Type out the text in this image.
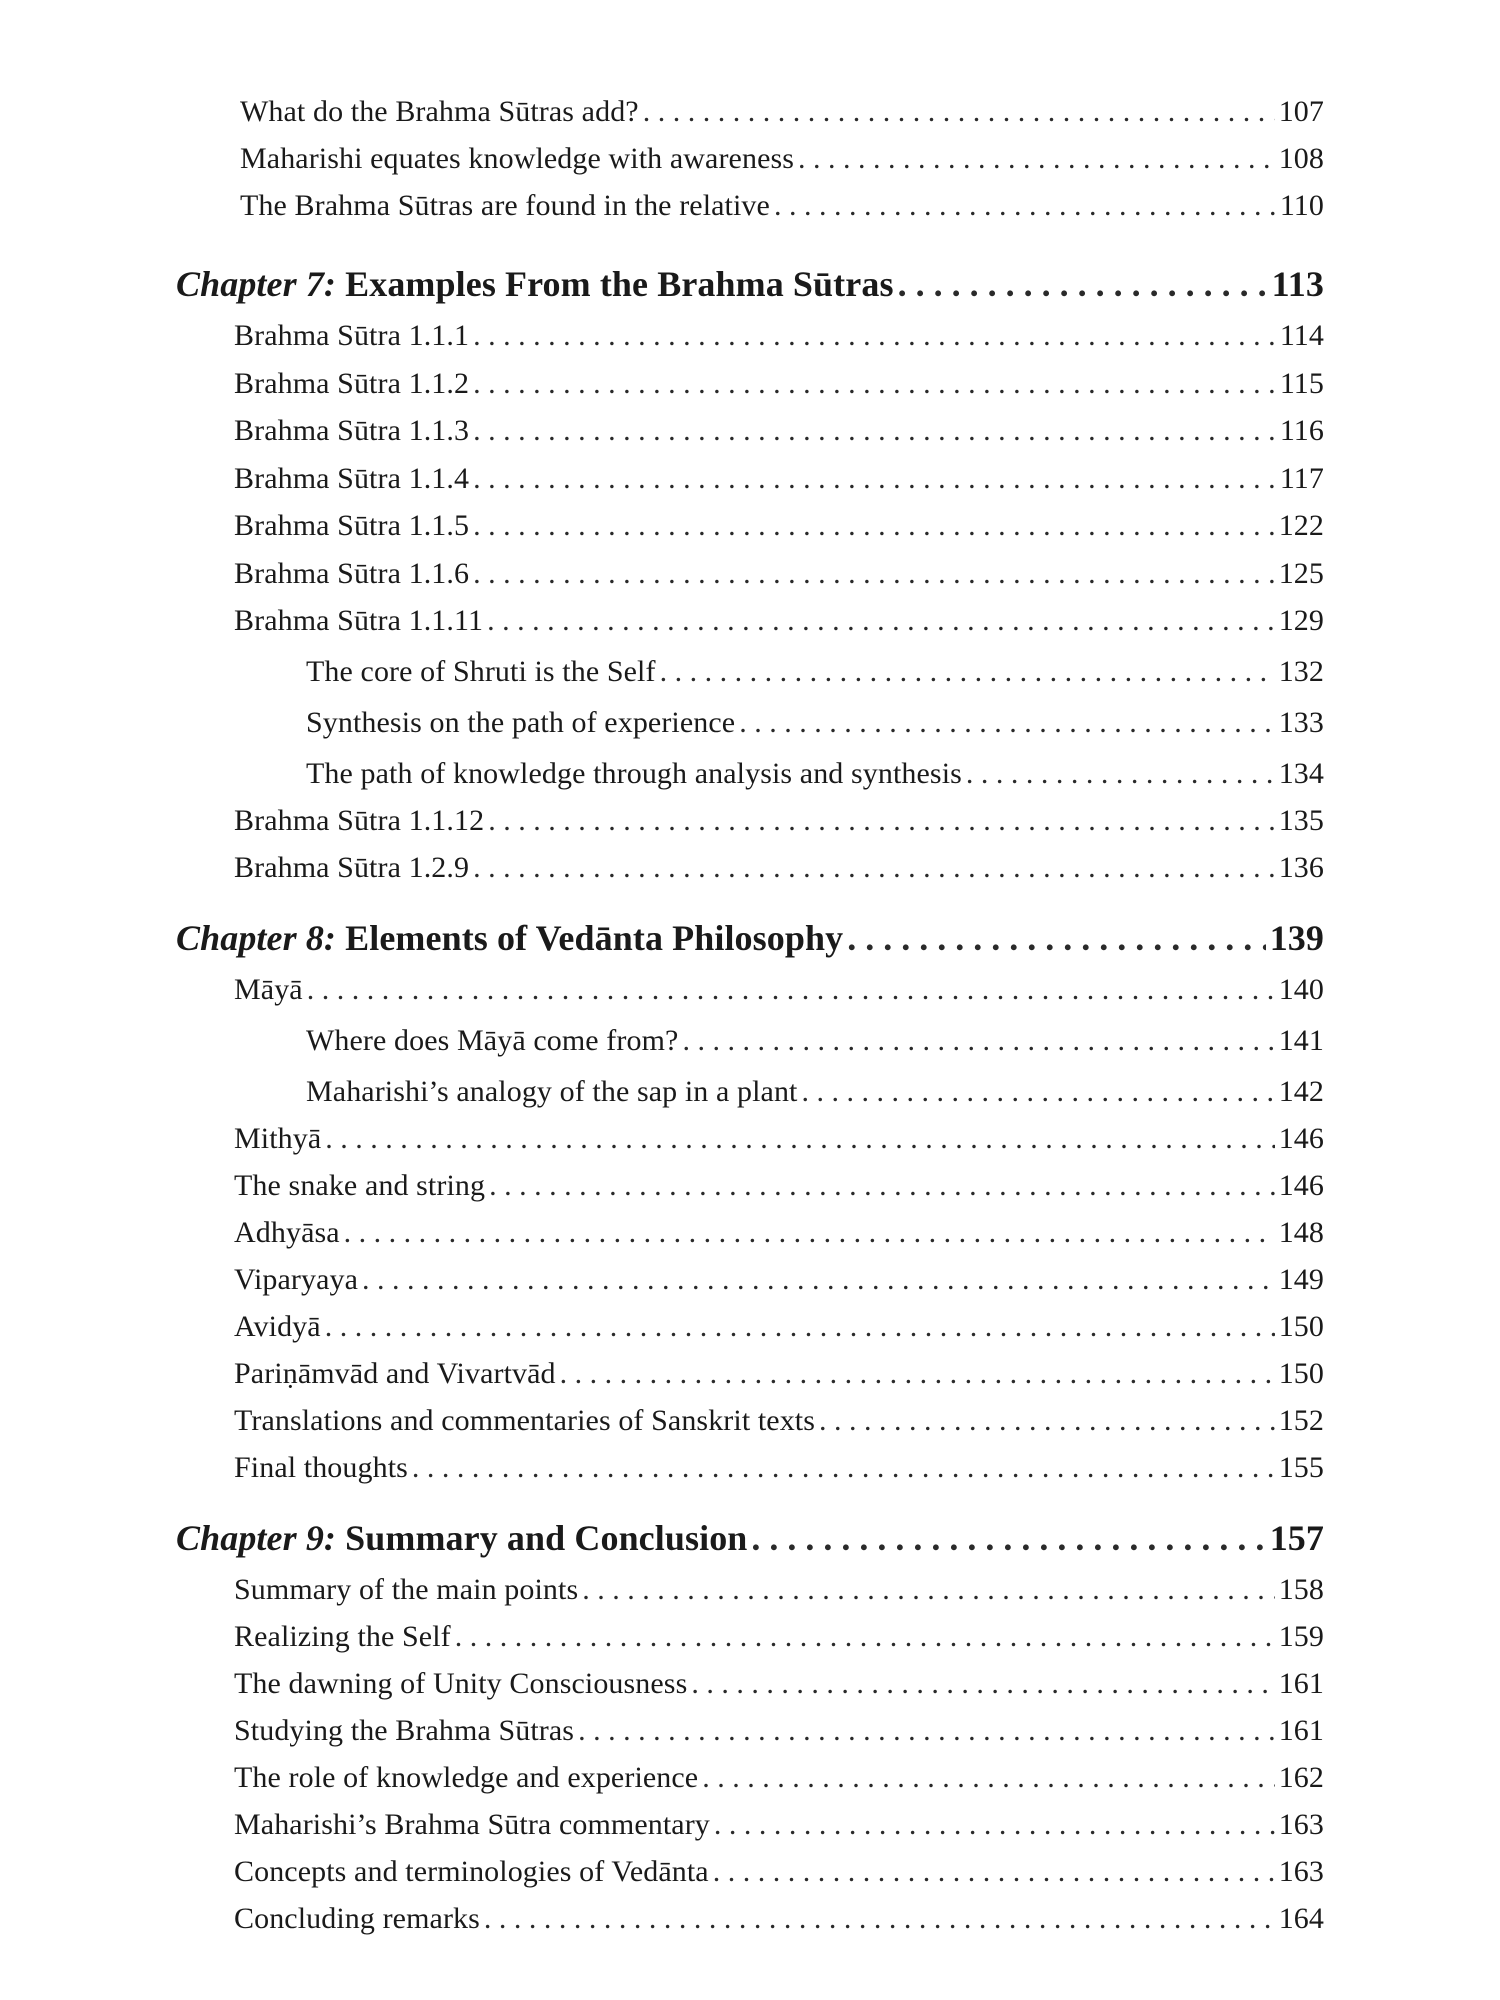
What do the Brahma Sūtras add? . . .	107
Maharishi equates knowledge with awareness . . .	108
The Brahma Sūtras are found in the relative . . .	110
Chapter 7: Examples From the Brahma Sūtras . . .	113
Brahma Sūtra 1.1.1 . . .	114
Brahma Sūtra 1.1.2 . . .	115
Brahma Sūtra 1.1.3 . . .	116
Brahma Sūtra 1.1.4 . . .	117
Brahma Sūtra 1.1.5 . . .	122
Brahma Sūtra 1.1.6 . . .	125
Brahma Sūtra 1.1.11 . . .	129
The core of Shruti is the Self . . .	132
Synthesis on the path of experience . . .	133
The path of knowledge through analysis and synthesis . . .	134
Brahma Sūtra 1.1.12 . . .	135
Brahma Sūtra 1.2.9 . . .	136
Chapter 8: Elements of Vedānta Philosophy . . .	139
Māyā . . .	140
Where does Māyā come from? . . .	141
Maharishi’s analogy of the sap in a plant . . .	142
Mithyā . . .	146
The snake and string . . .	146
Adhyāsa . . .	148
Viparyaya . . .	149
Avidyā . . .	150
Pariṇāmvād and Vivartvād . . .	150
Translations and commentaries of Sanskrit texts . . .	152
Final thoughts . . .	155
Chapter 9: Summary and Conclusion . . .	157
Summary of the main points . . .	158
Realizing the Self . . .	159
The dawning of Unity Consciousness . . .	161
Studying the Brahma Sūtras . . .	161
The role of knowledge and experience . . .	162
Maharishi’s Brahma Sūtra commentary . . .	163
Concepts and terminologies of Vedānta . . .	163
Concluding remarks . . .	164
